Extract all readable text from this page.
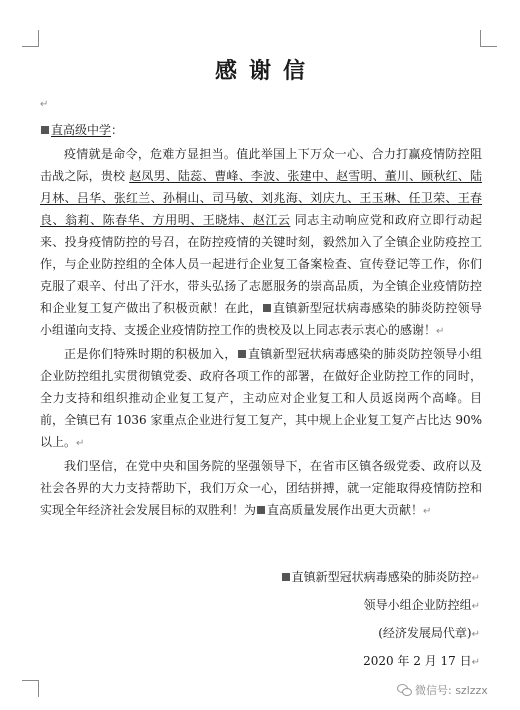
感谢信
↵
直高级中学：

疫情就是命令，危难方显担当。值此举国上下万众一心、合力打赢疫情防控阻击战之际，贵校 赵凤男、陆蕊、曹峰、李波、张建中、赵雪明、董川、顾秋红、陆月林、吕华、张红兰、孙桐山、司马敏、刘兆海、刘庆九、王玉琳、任卫荣、王春良、翁莉、陈春华、方用明、王晓炜、赵江云 同志主动响应党和政府立即行动起来、投身疫情防控的号召，在防控疫情的关键时刻，毅然加入了全镇企业防疫控工作，与企业防控组的全体人员一起进行企业复工备案检查、宣传登记等工作，你们克服了艰辛、付出了汗水，带头弘扬了志愿服务的崇高品质，为全镇企业疫情防控和企业复工复产做出了积极贡献！在此， 直镇新型冠状病毒感染的肺炎防控领导小组谨向支持、支援企业疫情防控工作的贵校及以上同志表示衷心的感谢！↵

正是你们特殊时期的积极加入， 直镇新型冠状病毒感染的肺炎防控领导小组企业防控组扎实贯彻镇党委、政府各项工作的部署，在做好企业防控工作的同时，全力支持和组织推动企业复工复产，主动应对企业复工和人员返岗两个高峰。目前，全镇已有 1036 家重点企业进行复工复产，其中规上企业复工复产占比达 90%以上。↵

我们坚信，在党中央和国务院的坚强领导下，在省市区镇各级党委、政府以及社会各界的大力支持帮助下，我们万众一心，团结拼搏，就一定能取得疫情防控和实现全年经济社会发展目标的双胜利！为 直高质量发展作出更大贡献！↵

直镇新型冠状病毒感染的肺炎防控↵
领导小组企业防控组↵
(经济发展局代章)↵
2020 年 2 月 17 日↵
微信号: szlzzx
